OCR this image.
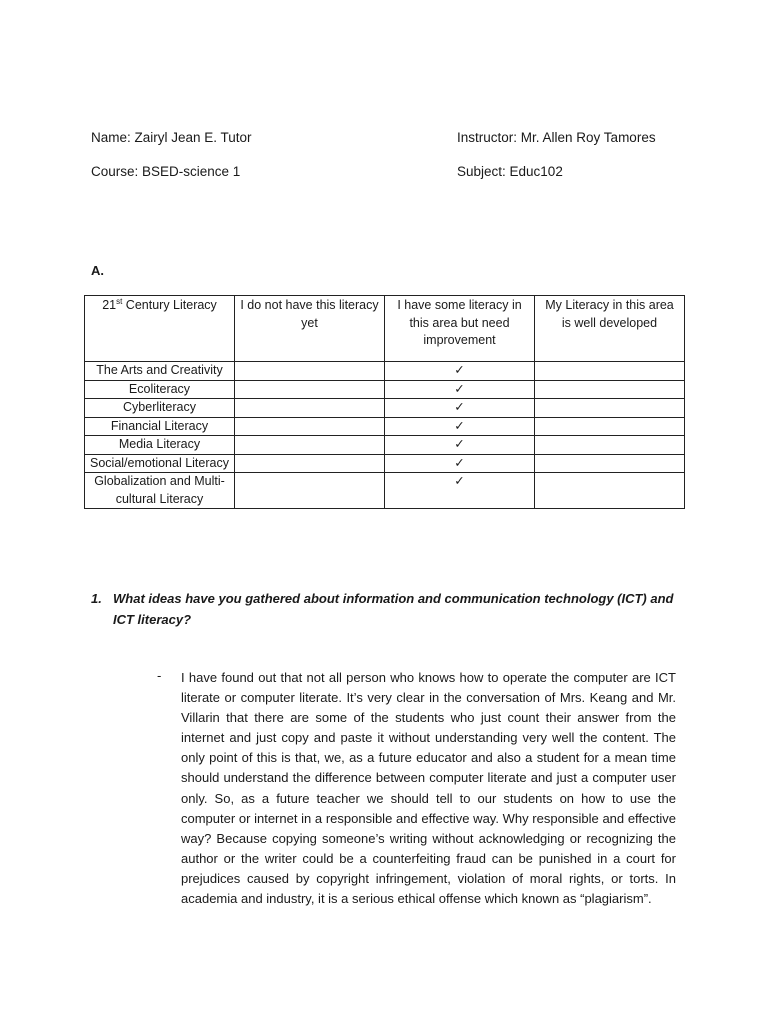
Name: Zairyl Jean E. Tutor	Instructor: Mr. Allen Roy Tamores
Course: BSED-science 1	Subject: Educ102
A.
21st Century Literacy	I do not have this literacy yet	I have some literacy in this area but need improvement	My Literacy in this area is well developed
The Arts and Creativity		✓	
Ecoliteracy		✓	
Cyberliteracy		✓	
Financial Literacy		✓	
Media Literacy		✓	
Social/emotional Literacy		✓	
Globalization and Multi-cultural Literacy		✓	
1. What ideas have you gathered about information and communication technology (ICT) and ICT literacy?
- I have found out that not all person who knows how to operate the computer are ICT literate or computer literate. It’s very clear in the conversation of Mrs. Keang and Mr. Villarin that there are some of the students who just count their answer from the internet and just copy and paste it without understanding very well the content. The only point of this is that, we, as a future educator and also a student for a mean time should understand the difference between computer literate and just a computer user only. So, as a future teacher we should tell to our students on how to use the computer or internet in a responsible and effective way. Why responsible and effective way? Because copying someone’s writing without acknowledging or recognizing the author or the writer could be a counterfeiting fraud can be punished in a court for prejudices caused by copyright infringement, violation of moral rights, or torts. In academia and industry, it is a serious ethical offense which known as “plagiarism”.
